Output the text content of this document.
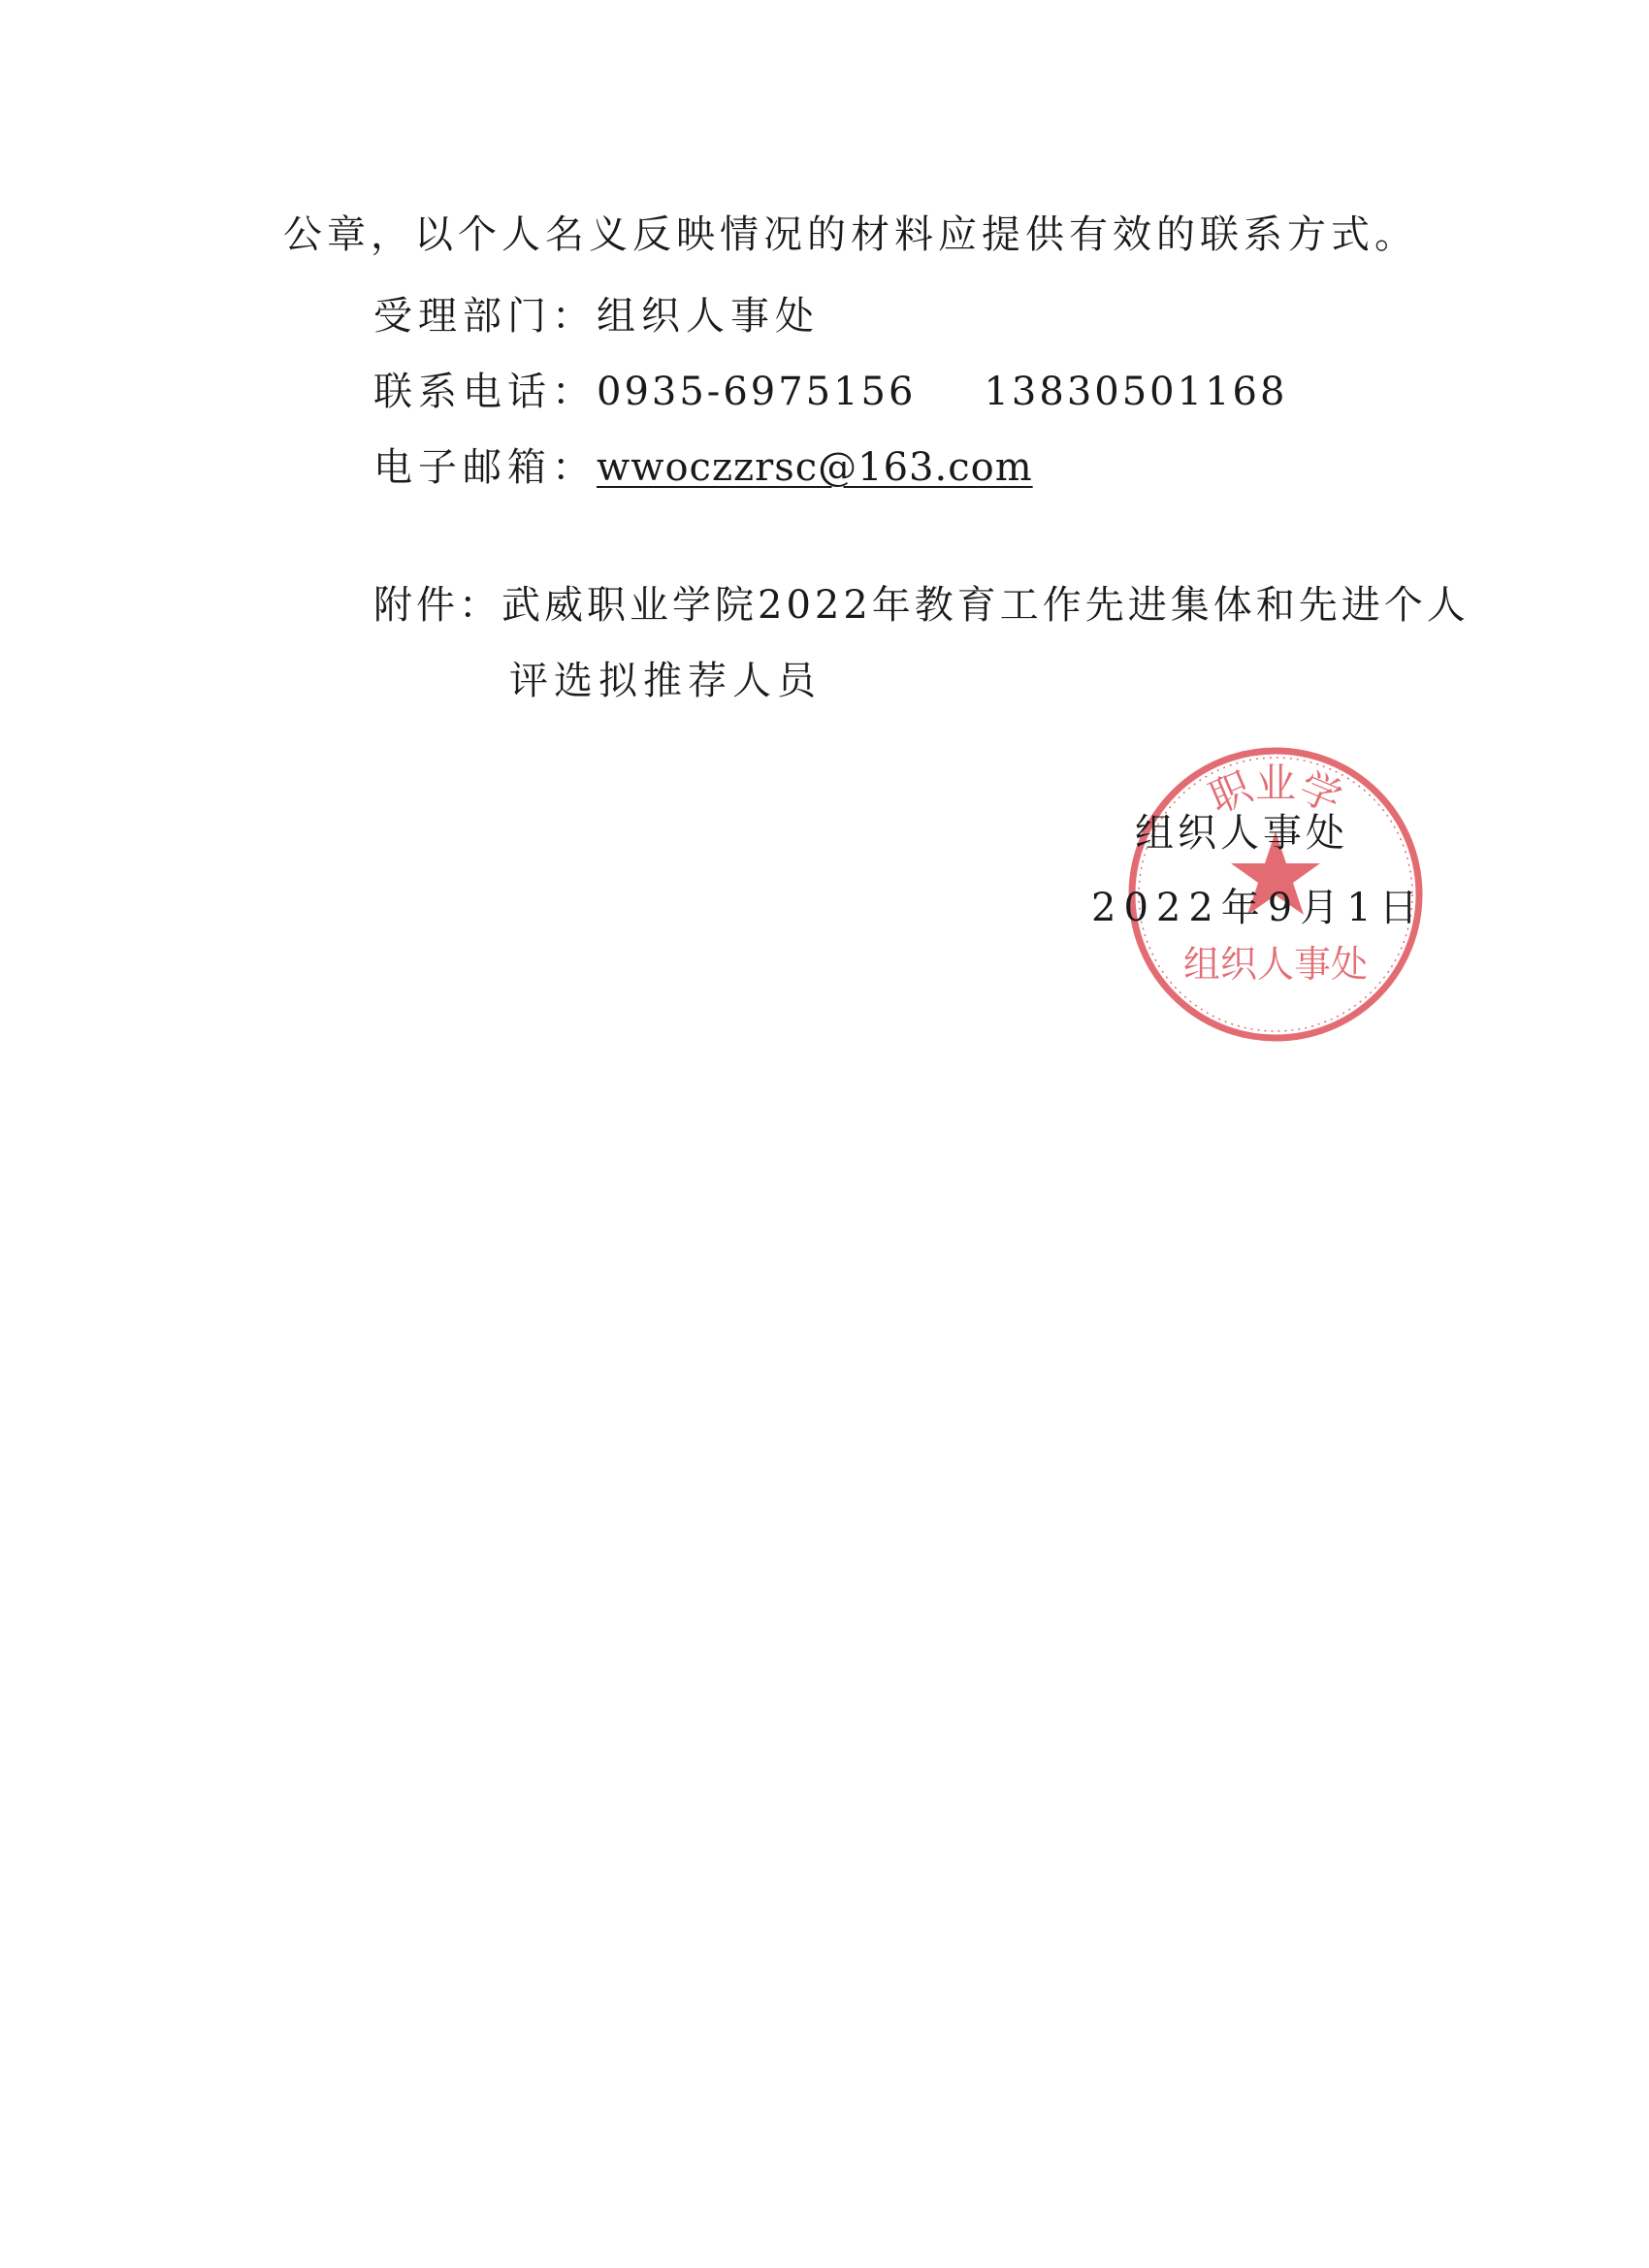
公章，以个人名义反映情况的材料应提供有效的联系方式。
受理部门：组织人事处
联系电话：0935-6975156 13830501168
电子邮箱：wwoczzrsc@163.com
附件：武威职业学院2022年教育工作先进集体和先进个人
评选拟推荐人员
职业学
组织人事处
组织人事处
2022年9月1日
